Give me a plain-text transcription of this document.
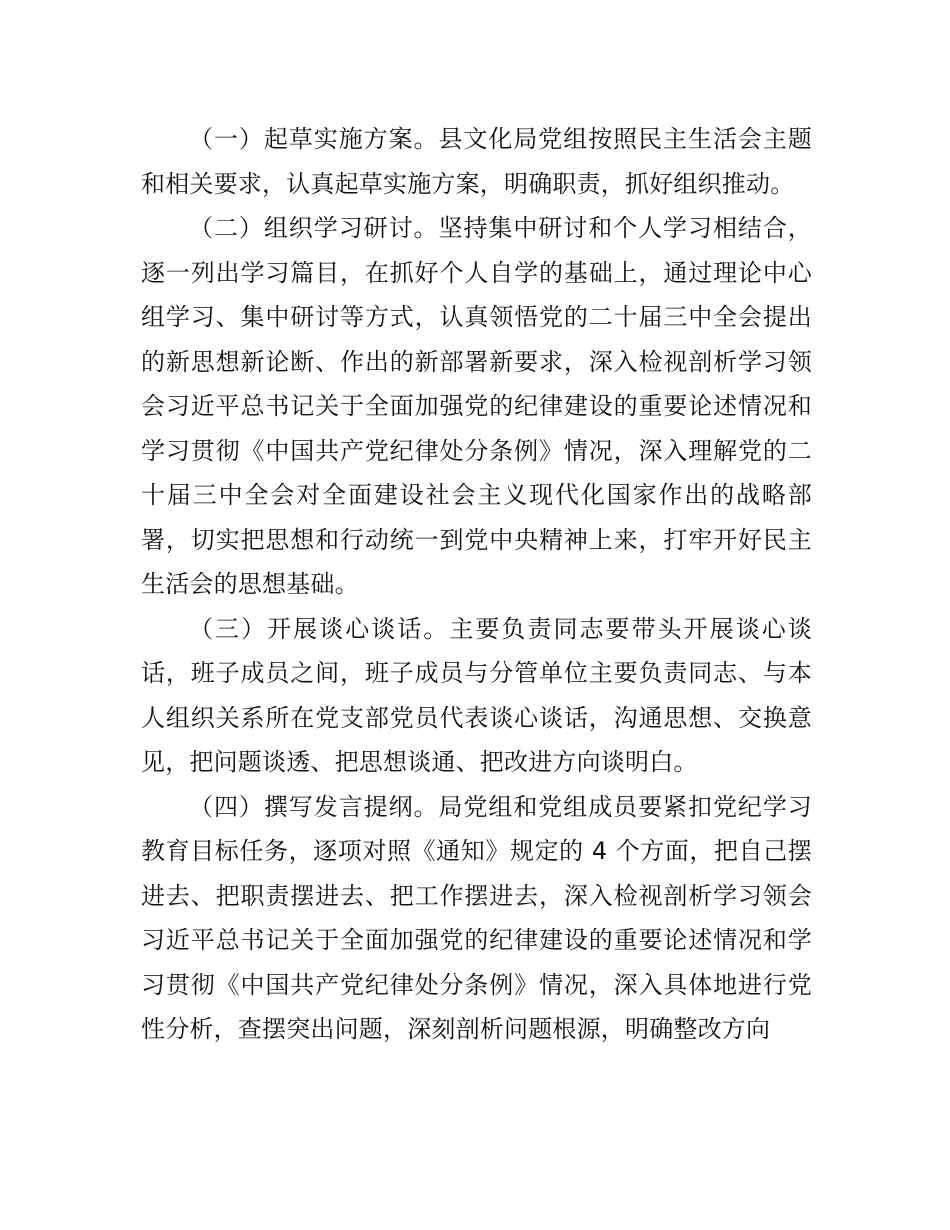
（一）起草实施方案。县文化局党组按照民主生活会主题和相关要求，认真起草实施方案，明确职责，抓好组织推动。

（二）组织学习研讨。坚持集中研讨和个人学习相结合，逐一列出学习篇目，在抓好个人自学的基础上，通过理论中心组学习、集中研讨等方式，认真领悟党的二十届三中全会提出的新思想新论断、作出的新部署新要求，深入检视剖析学习领会习近平总书记关于全面加强党的纪律建设的重要论述情况和学习贯彻《中国共产党纪律处分条例》情况，深入理解党的二十届三中全会对全面建设社会主义现代化国家作出的战略部署，切实把思想和行动统一到党中央精神上来，打牢开好民主生活会的思想基础。

（三）开展谈心谈话。主要负责同志要带头开展谈心谈话，班子成员之间，班子成员与分管单位主要负责同志、与本人组织关系所在党支部党员代表谈心谈话，沟通思想、交换意见，把问题谈透、把思想谈通、把改进方向谈明白。

（四）撰写发言提纲。局党组和党组成员要紧扣党纪学习教育目标任务，逐项对照《通知》规定的 4 个方面，把自己摆进去、把职责摆进去、把工作摆进去，深入检视剖析学习领会习近平总书记关于全面加强党的纪律建设的重要论述情况和学习贯彻《中国共产党纪律处分条例》情况，深入具体地进行党性分析，查摆突出问题，深刻剖析问题根源，明确整改方向
